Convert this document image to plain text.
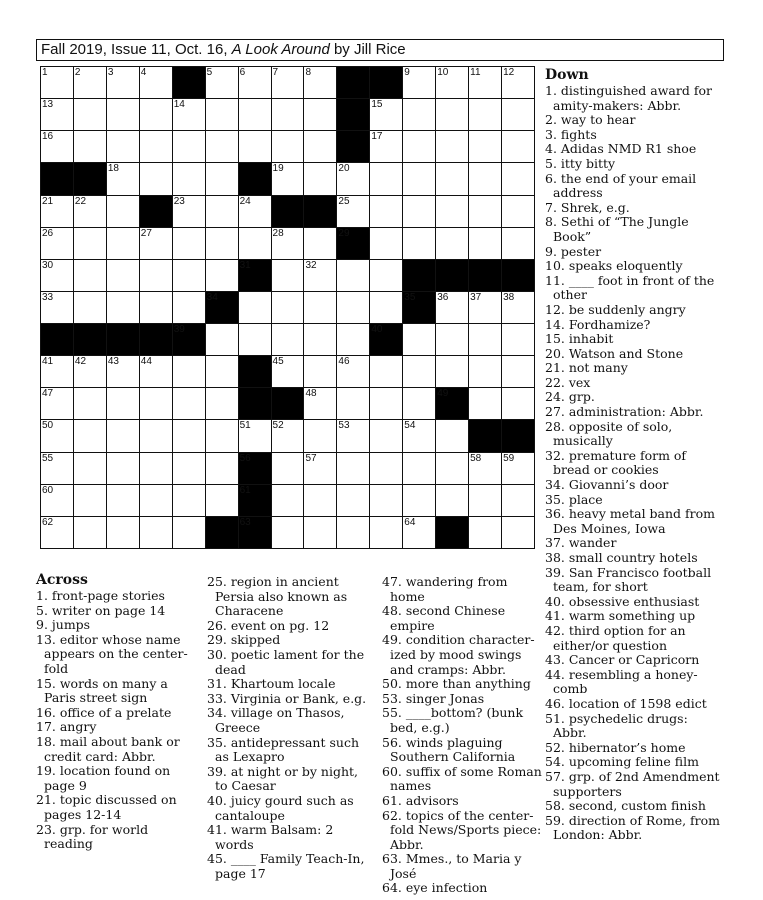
Fall 2019, Issue 11, Oct. 16, A Look Around by Jill Rice
1	2	3	4	5	6	7	8	9	10 11 12
13	14	15
16	17
18	19	20
21 22	23	24	25
26	27	28	29
30	31	32
33	34	35 36 37 38
39	40
41 42 43 44	45	46
47	48	49
50	51 52	53	54
55	56	57	58 59
60	61
62	63	64
Down
1. distinguished award for amity-makers: Abbr.
2. way to hear
3. fights
4. Adidas NMD R1 shoe
5. itty bitty
6. the end of your email address
7. Shrek, e.g.
8. Sethi of “The Jungle Book”
9. pester
10. speaks eloquently
11. ____ foot in front of the other
12. be suddenly angry
14. Fordhamize?
15. inhabit
20. Watson and Stone
21. not many
22. vex
24. grp.
27. administration: Abbr.
28. opposite of solo, musically
32. premature form of bread or cookies
34. Giovanni’s door
35. place
36. heavy metal band from Des Moines, Iowa
37. wander
38. small country hotels
39. San Francisco football team, for short
40. obsessive enthusiast
41. warm something up
42. third option for an either/or question
43. Cancer or Capricorn
44. resembling a honey-comb
46. location of 1598 edict
51. psychedelic drugs: Abbr.
52. hibernator’s home
54. upcoming feline film
57. grp. of 2nd Amendment supporters
58. second, custom finish
59. direction of Rome, from London: Abbr.
Across
1. front-page stories
5. writer on page 14
9. jumps
13. editor whose name appears on the center-fold
15. words on many a Paris street sign
16. office of a prelate
17. angry
18. mail about bank or credit card: Abbr.
19. location found on page 9
21. topic discussed on pages 12-14
23. grp. for world reading
25. region in ancient Persia also known as Characene
26. event on pg. 12
29. skipped
30. poetic lament for the dead
31. Khartoum locale
33. Virginia or Bank, e.g.
34. village on Thasos, Greece
35. antidepressant such as Lexapro
39. at night or by night, to Caesar
40. juicy gourd such as cantaloupe
41. warm Balsam: 2 words
45. ____ Family Teach-In, page 17
47. wandering from home
48. second Chinese empire
49. condition character-ized by mood swings and cramps: Abbr.
50. more than anything
53. singer Jonas
55. ____bottom? (bunk bed, e.g.)
56. winds plaguing Southern California
60. suffix of some Roman names
61. advisors
62. topics of the center-fold News/Sports piece: Abbr.
63. Mmes., to Maria y José
64. eye infection
